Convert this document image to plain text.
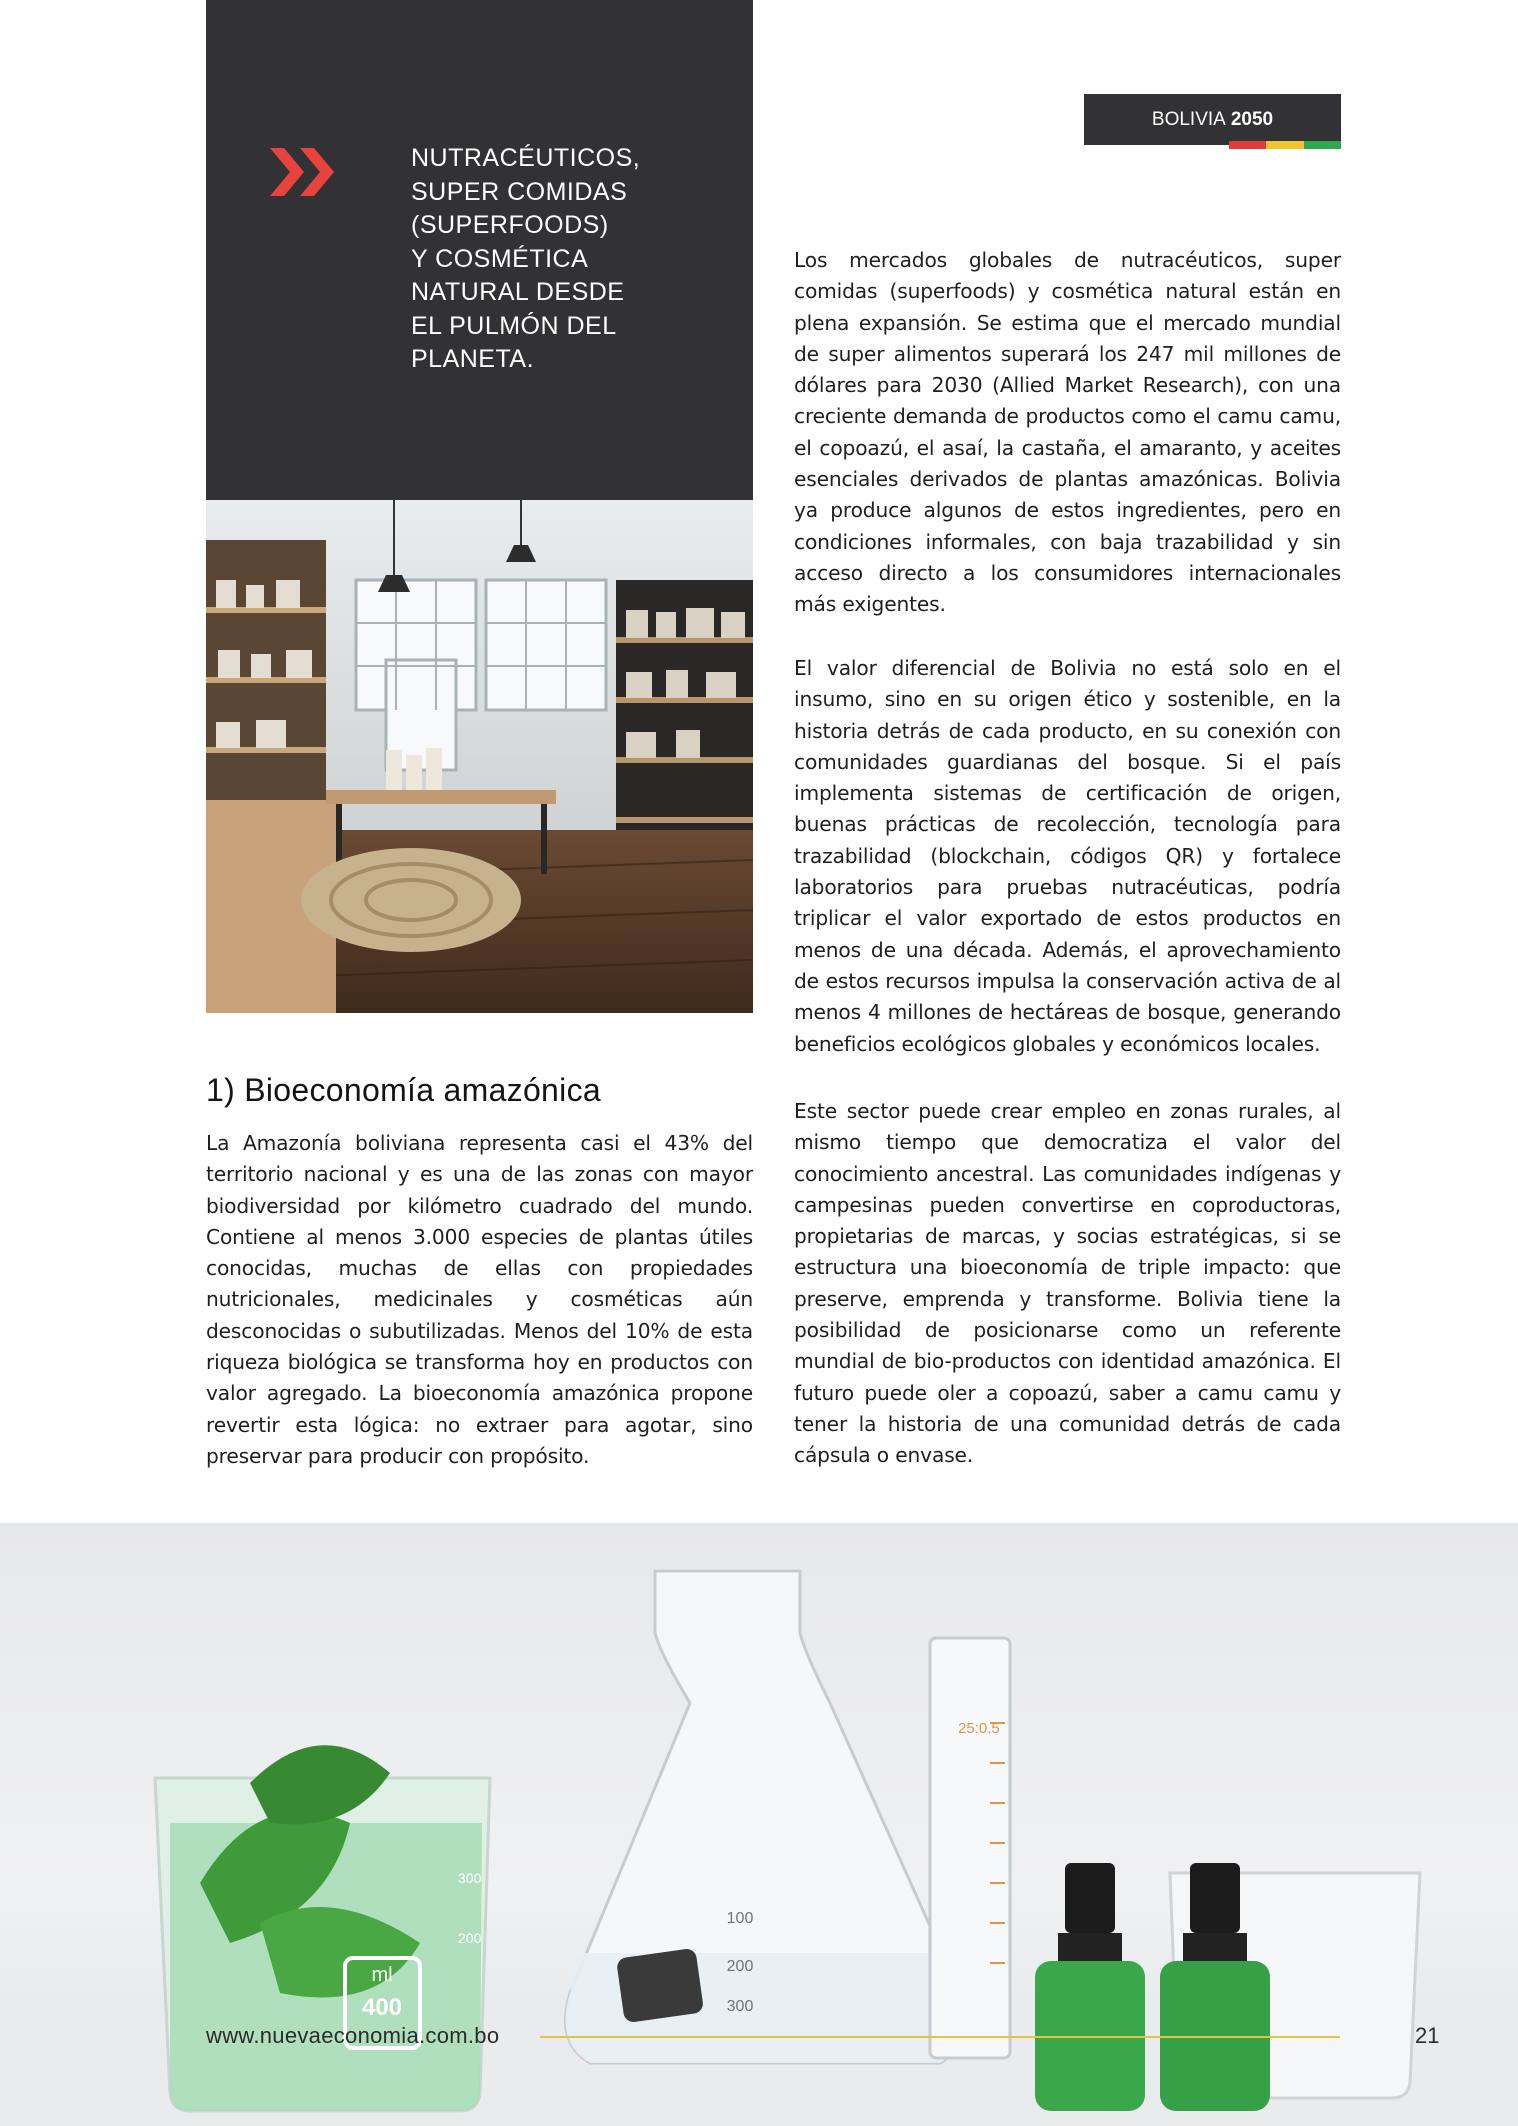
NUTRACÉUTICOS,
SUPER COMIDAS
(SUPERFOODS)
Y COSMÉTICA
NATURAL DESDE
EL PULMÓN DEL
PLANETA.
BOLIVIA 2050

Los mercados globales de nutracéuticos, super comidas (superfoods) y cosmética natural están en plena expansión. Se estima que el mercado mundial de super alimentos superará los 247 mil millones de dólares para 2030 (Allied Market Research), con una creciente demanda de productos como el camu camu, el copoazú, el asaí, la castaña, el amaranto, y aceites esenciales derivados de plantas amazónicas. Bolivia ya produce algunos de estos ingredientes, pero en condiciones informales, con baja trazabilidad y sin acceso directo a los consumidores internacionales más exigentes.

El valor diferencial de Bolivia no está solo en el insumo, sino en su origen ético y sostenible, en la historia detrás de cada producto, en su conexión con comunidades guardianas del bosque. Si el país implementa sistemas de certificación de origen, buenas prácticas de recolección, tecnología para trazabilidad (blockchain, códigos QR) y fortalece laboratorios para pruebas nutracéuticas, podría triplicar el valor exportado de estos productos en menos de una década. Además, el aprovechamiento de estos recursos impulsa la conservación activa de al menos 4 millones de hectáreas de bosque, generando beneficios ecológicos globales y económicos locales.

Este sector puede crear empleo en zonas rurales, al mismo tiempo que democratiza el valor del conocimiento ancestral. Las comunidades indígenas y campesinas pueden convertirse en coproductoras, propietarias de marcas, y socias estratégicas, si se estructura una bioeconomía de triple impacto: que preserve, emprenda y transforme. Bolivia tiene la posibilidad de posicionarse como un referente mundial de bio-productos con identidad amazónica. El futuro puede oler a copoazú, saber a camu camu y tener la historia de una comunidad detrás de cada cápsula o envase.

1) Bioeconomía amazónica

La Amazonía boliviana representa casi el 43% del territorio nacional y es una de las zonas con mayor biodiversidad por kilómetro cuadrado del mundo. Contiene al menos 3.000 especies de plantas útiles conocidas, muchas de ellas con propiedades nutricionales, medicinales y cosméticas aún desconocidas o subutilizadas. Menos del 10% de esta riqueza biológica se transforma hoy en productos con valor agregado. La bioeconomía amazónica propone revertir esta lógica: no extraer para agotar, sino preservar para producir con propósito.

ml
400
300
200
100
200
300
25:0.5
www.nuevaeconomia.com.bo	21
